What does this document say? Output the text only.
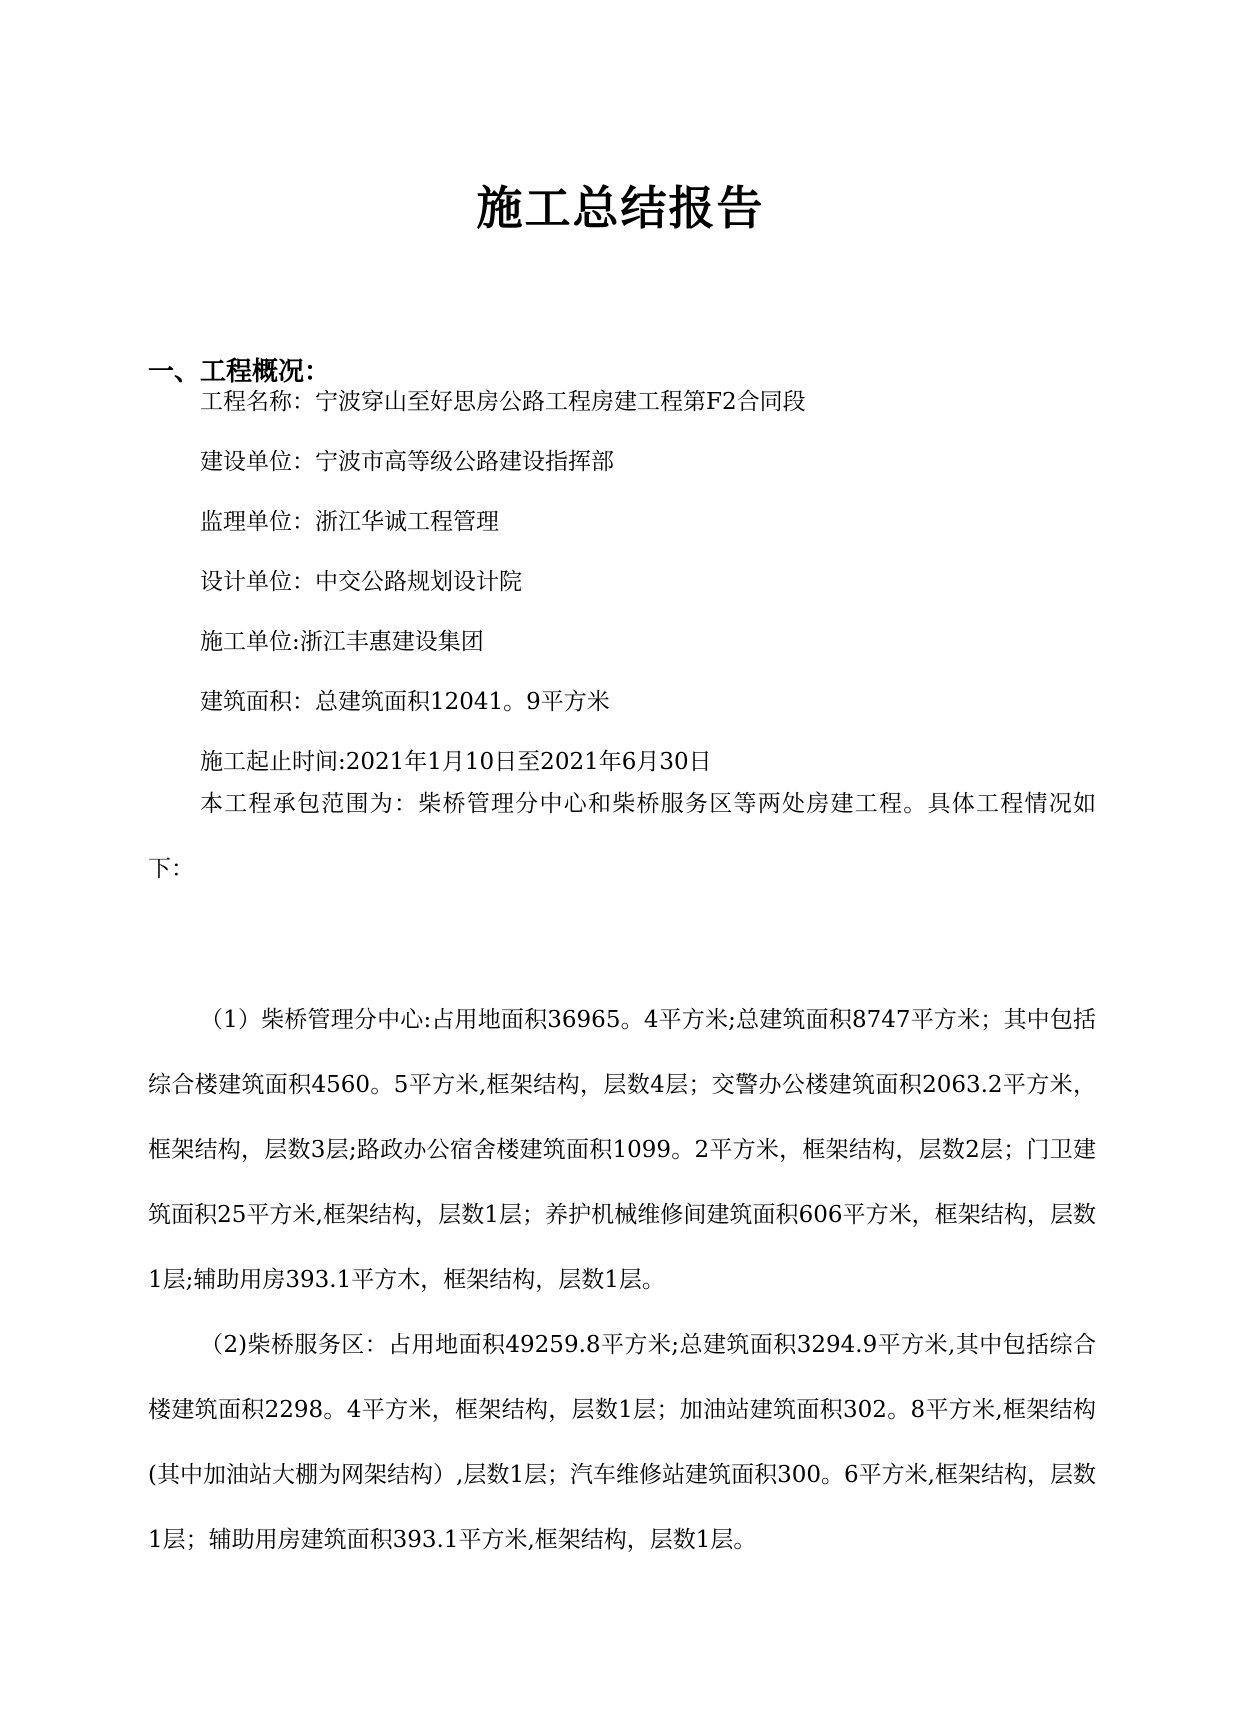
施工总结报告
一、工程概况：
工程名称：宁波穿山至好思房公路工程房建工程第F2合同段
建设单位：宁波市高等级公路建设指挥部
监理单位：浙江华诚工程管理
设计单位：中交公路规划设计院
施工单位:浙江丰惠建设集团
建筑面积：总建筑面积12041。9平方米
施工起止时间:2021年1月10日至2021年6月30日
本工程承包范围为：柴桥管理分中心和柴桥服务区等两处房建工程。具体工程情况如下：
（1）柴桥管理分中心:占用地面积36965。4平方米;总建筑面积8747平方米；其中包括综合楼建筑面积4560。5平方米,框架结构，层数4层；交警办公楼建筑面积2063.2平方米，框架结构，层数3层;路政办公宿舍楼建筑面积1099。2平方米，框架结构，层数2层；门卫建筑面积25平方米,框架结构，层数1层；养护机械维修间建筑面积606平方米，框架结构，层数1层;辅助用房393.1平方木，框架结构，层数1层。
（2)柴桥服务区：占用地面积49259.8平方米;总建筑面积3294.9平方米,其中包括综合楼建筑面积2298。4平方米，框架结构，层数1层；加油站建筑面积302。8平方米,框架结构(其中加油站大棚为网架结构）,层数1层；汽车维修站建筑面积300。6平方米,框架结构，层数1层；辅助用房建筑面积393.1平方米,框架结构，层数1层。
